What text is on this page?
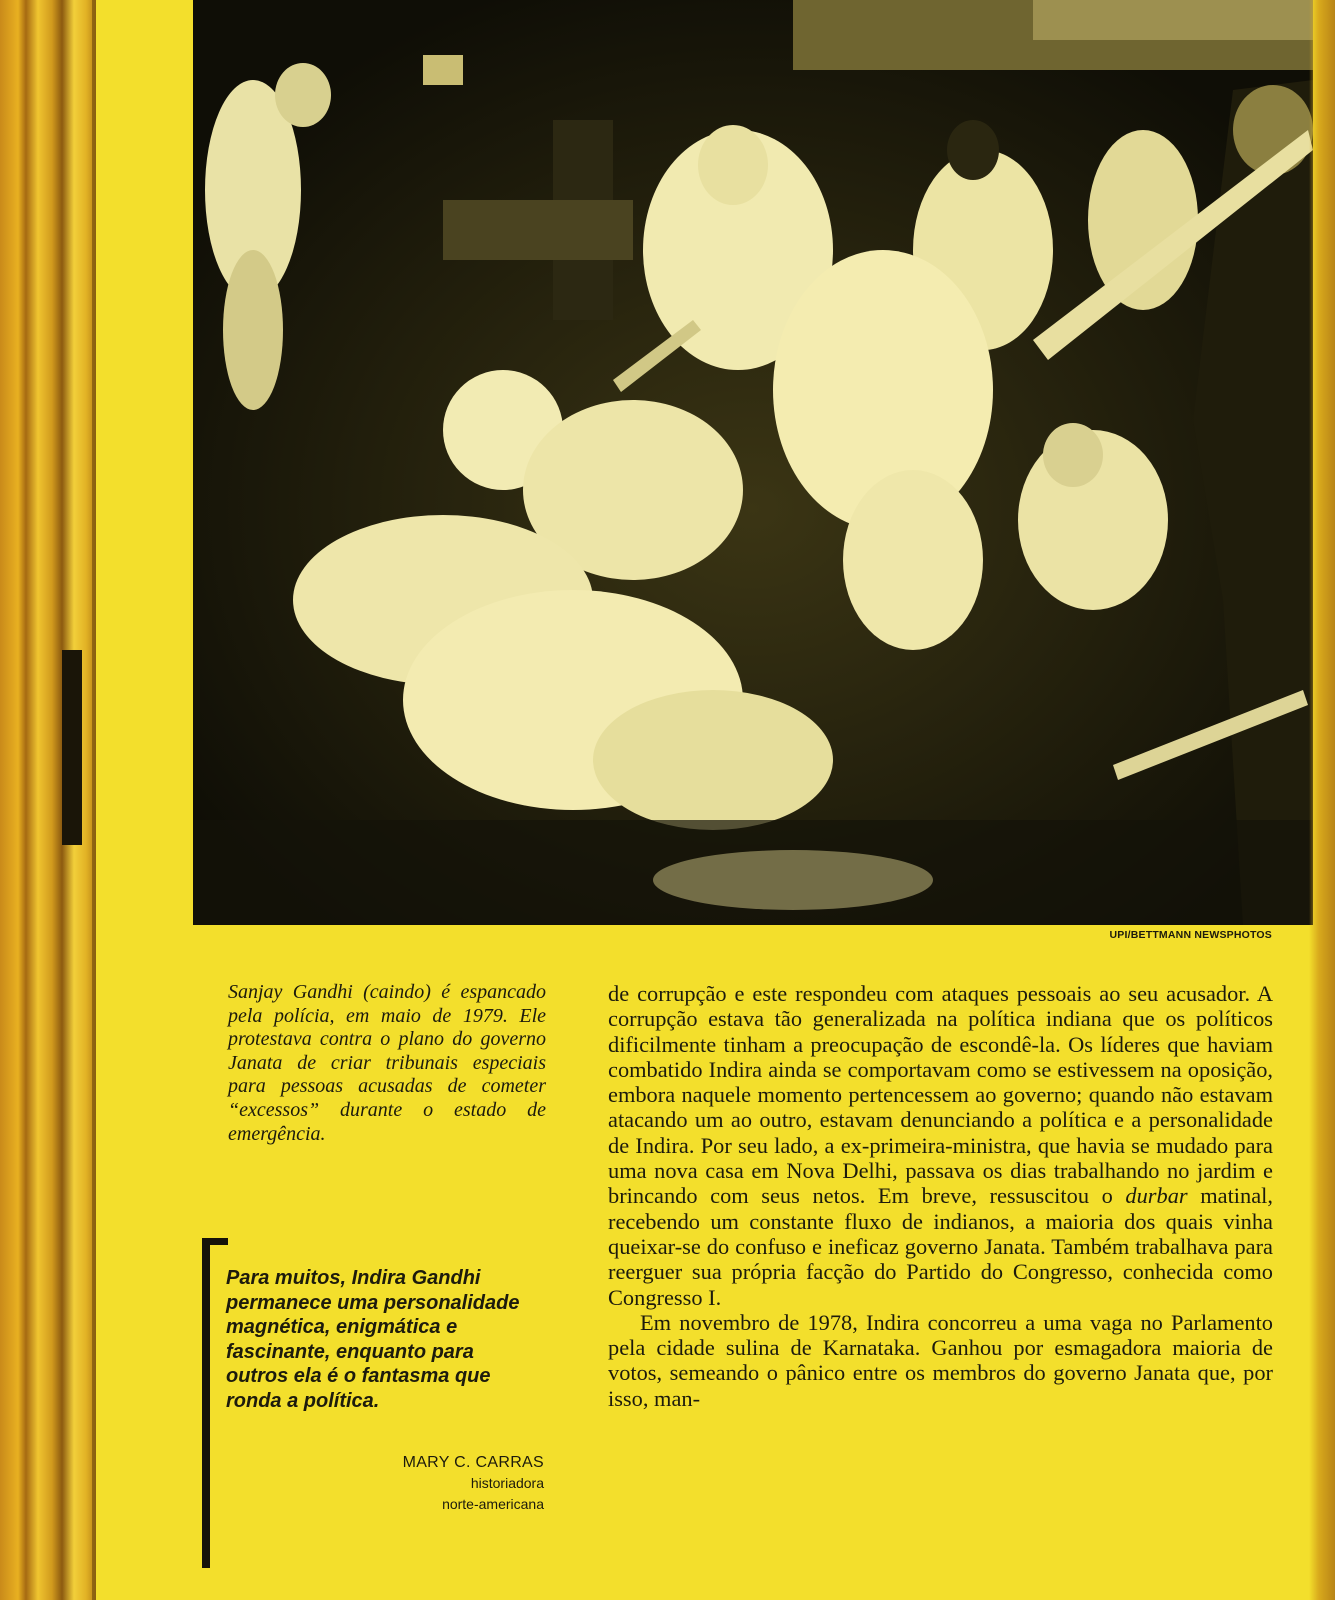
UPI/BETTMANN NEWSPHOTOS
Sanjay Gandhi (caindo) é espancado pela polícia, em maio de 1979. Ele protestava contra o plano do governo Janata de criar tribunais especiais para pessoas acusadas de cometer “excessos” durante o estado de emergência.
Para muitos, Indira Gandhi permanece uma personalidade magnética, enigmática e fascinante, enquanto para outros ela é o fantasma que ronda a política.
MARY C. CARRAS
historiadora
norte-americana

de corrupção e este respondeu com ataques pessoais ao seu acusador. A corrupção estava tão generalizada na política indiana que os políticos dificilmente tinham a preocupação de escondê-la. Os líderes que haviam combatido Indira ainda se comportavam como se estivessem na oposição, embora naquele momento pertencessem ao governo; quando não estavam atacando um ao outro, estavam denunciando a política e a personalidade de Indira. Por seu lado, a ex-primeira-ministra, que havia se mudado para uma nova casa em Nova Delhi, passava os dias trabalhando no jardim e brincando com seus netos. Em breve, ressuscitou o durbar matinal, recebendo um constante fluxo de indianos, a maioria dos quais vinha queixar-se do confuso e ineficaz governo Janata. Também trabalhava para reerguer sua própria facção do Partido do Congresso, conhecida como Congresso I.

Em novembro de 1978, Indira concorreu a uma vaga no Parlamento pela cidade sulina de Karnataka. Ganhou por esmagadora maioria de votos, semeando o pânico entre os membros do governo Janata que, por isso, man-
